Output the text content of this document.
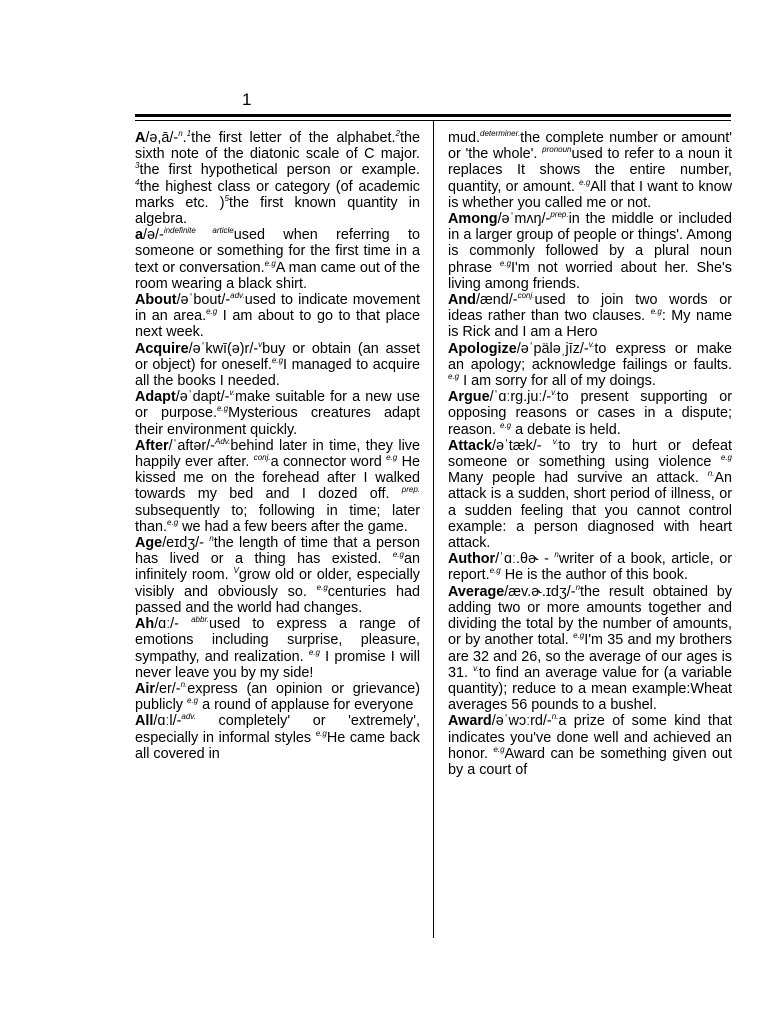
1

A/ə,ā/-$^n$.$^1$the first letter of the alphabet.$^2$the sixth note of the diatonic scale of C major. $^3$the first hypothetical person or example. $^4$the highest class or category (of academic marks etc. )$^5$the first known quantity in algebra.

a/ə/-$^{indefinite article}$used when referring to someone or something for the first time in a text or conversation.$^{e.g}$A man came out of the room wearing a black shirt.

About/əˈbout/-$^{adv.}$used to indicate movement in an area.$^{e.g}$ I am about to go to that place next week.

Acquire/əˈkwī(ə)r/-$^v$buy or obtain (an asset or object) for oneself.$^{e.g}$I managed to acquire all the books I needed.

Adapt/əˈdapt/-$^{v.}$make suitable for a new use or purpose.$^{e.g}$Mysterious creatures adapt their environment quickly.

After/ˈaftər/-$^{Adv.}$behind later in time, they live happily ever after. $^{conj.}$a connector word $^{e.g}$ He kissed me on the forehead after I walked towards my bed and I dozed off. $^{prep.}$ subsequently to; following in time; later than.$^{e.g}$ we had a few beers after the game.

Age/eɪdʒ/- $^n$the length of time that a person has lived or a thing has existed. $^{e.g}$an infinitely room. $^V$grow old or older, especially visibly and obviously so. $^{e.g}$centuries had passed and the world had changes.

Ah/ɑː/- $^{abbr.}$used to express a range of emotions including surprise, pleasure, sympathy, and realization. $^{e.g}$ I promise I will never leave you by my side!

Air/er/-$^{n.}$express (an opinion or grievance) publicly $^{e.g}$ a round of applause for everyone

All/ɑːl/-$^{adv.}$ completely' or 'extremely', especially in informal styles $^{e.g}$He came back all covered in

mud.$^{determiner.}$the complete number or amount' or 'the whole'. $^{pronoun}$used to refer to a noun it replaces It shows the entire number, quantity, or amount. $^{e.g}$All that I want to know is whether you called me or not.

Among/əˈmʌŋ/-$^{prep.}$in the middle or included in a larger group of people or things'. Among is commonly followed by a plural noun phrase $^{e.g}$I'm not worried about her. She's living among friends.

And/ænd/-$^{conj.}$used to join two words or ideas rather than two clauses. $^{e.g}$: My name is Rick and I am a Hero

Apologize/əˈpäləˌjīz/-$^{v.}$to express or make an apology; acknowledge failings or faults. $^{e.g}$ I am sorry for all of my doings.

Argue/ˈɑːrg.juː/-$^{v.}$to present supporting or opposing reasons or cases in a dispute; reason. $^{e.g}$ a debate is held.

Attack/əˈtæk/- $^{v.}$to try to hurt or defeat someone or something using violence $^{e.g}$ Many people had survive an attack. $^{n.}$An attack is a sudden, short period of illness, or a sudden feeling that you cannot control example: a person diagnosed with heart attack.

Author/ˈɑː.θɚ - $^n$writer of a book, article, or report.$^{e.g}$ He is the author of this book.

Average/æv.ɚ.ɪdʒ/-$^n$the result obtained by adding two or more amounts together and dividing the total by the number of amounts, or by another total. $^{e.g}$I'm 35 and my brothers are 32 and 26, so the average of our ages is 31. $^{v.}$to find an average value for (a variable quantity); reduce to a mean example:Wheat averages 56 pounds to a bushel.

Award/əˈwɔːrd/-$^{n.}$a prize of some kind that indicates you've done well and achieved an honor. $^{e.g}$Award can be something given out by a court of
